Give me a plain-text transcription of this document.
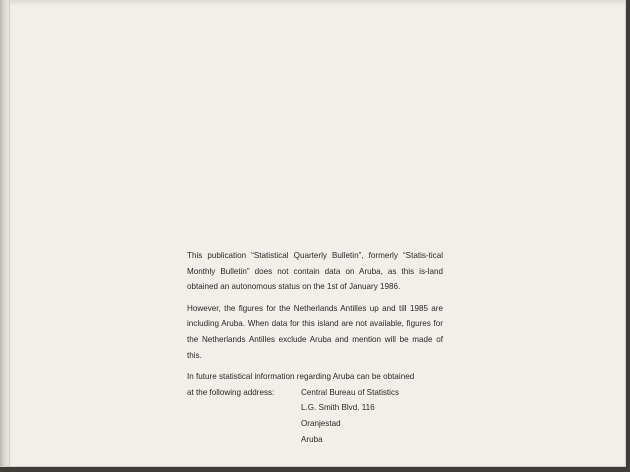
This publication “Statistical Quarterly Bulletin”, formerly “Statis-tical Monthly Bulletin” does not contain data on Aruba, as this is-land obtained an autonomous status on the 1st of January 1986.

However, the figures for the Netherlands Antilles up and till 1985 are including Aruba. When data for this island are not available, figures for the Netherlands Antilles exclude Aruba and mention will be made of this.

In future statistical information regarding Aruba can be obtained
at the following address:	Central Bureau of Statistics
L.G. Smith Blvd. 116
Oranjestad
Aruba
